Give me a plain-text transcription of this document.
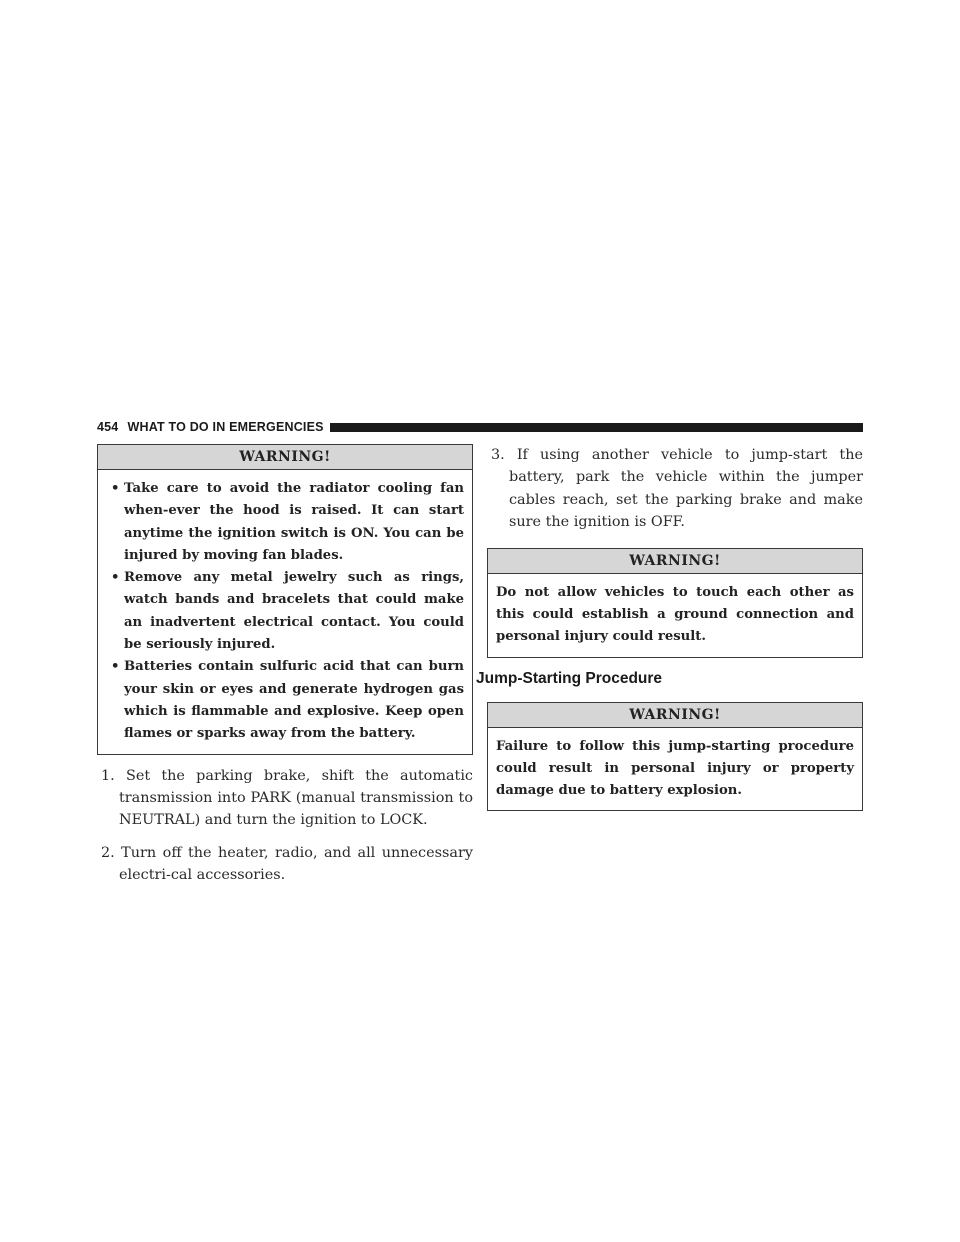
454 WHAT TO DO IN EMERGENCIES
WARNING!
• Take care to avoid the radiator cooling fan when-ever the hood is raised. It can start anytime the ignition switch is ON. You can be injured by moving fan blades.
• Remove any metal jewelry such as rings, watch bands and bracelets that could make an inadvertent electrical contact. You could be seriously injured.
• Batteries contain sulfuric acid that can burn your skin or eyes and generate hydrogen gas which is flammable and explosive. Keep open flames or sparks away from the battery.

1. Set the parking brake, shift the automatic transmission into PARK (manual transmission to NEUTRAL) and turn the ignition to LOCK.

2. Turn off the heater, radio, and all unnecessary electri-cal accessories.

3. If using another vehicle to jump-start the battery, park the vehicle within the jumper cables reach, set the parking brake and make sure the ignition is OFF.

WARNING!
Do not allow vehicles to touch each other as this could establish a ground connection and personal injury could result.
Jump-Starting Procedure
WARNING!
Failure to follow this jump-starting procedure could result in personal injury or property damage due to battery explosion.
